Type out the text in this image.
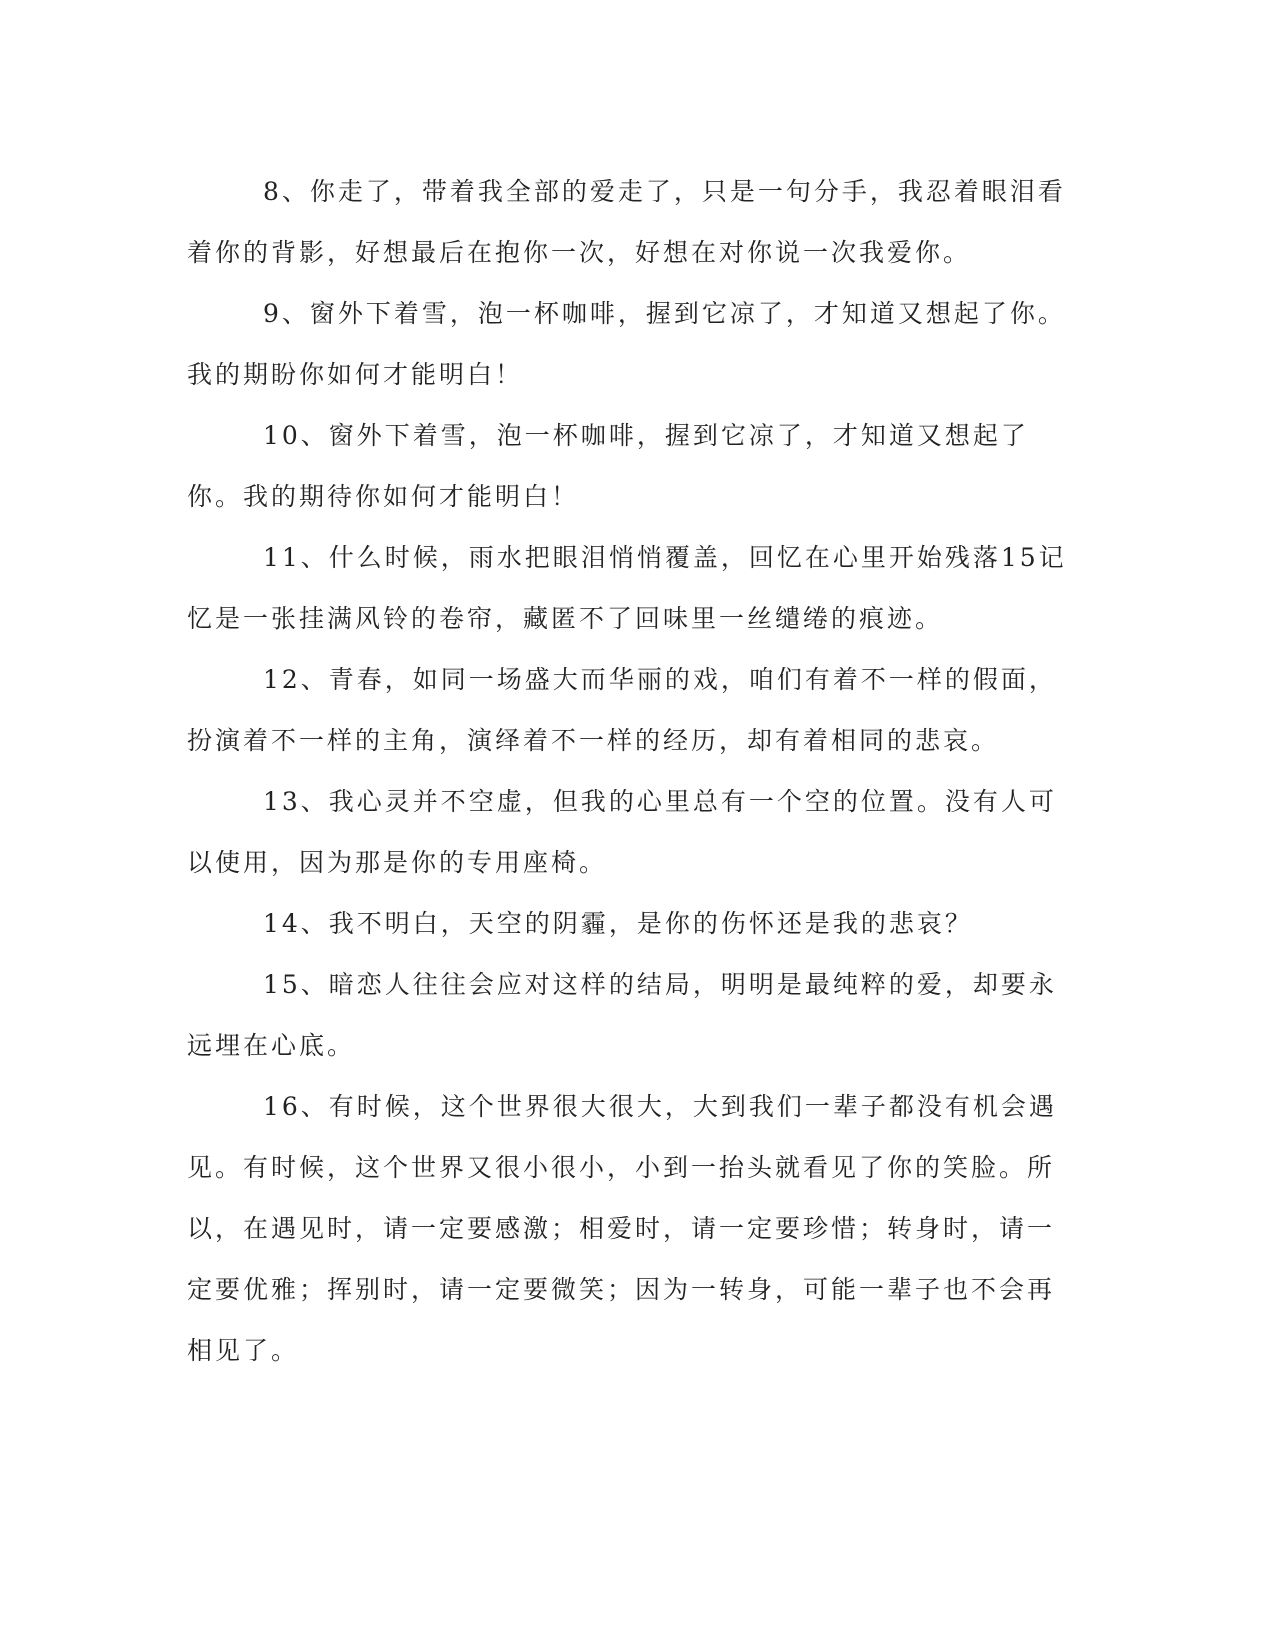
8、你走了，带着我全部的爱走了，只是一句分手，我忍着眼泪看着你的背影，好想最后在抱你一次，好想在对你说一次我爱你。

9、窗外下着雪，泡一杯咖啡，握到它凉了，才知道又想起了你。我的期盼你如何才能明白！

10、窗外下着雪，泡一杯咖啡，握到它凉了，才知道又想起了你。我的期待你如何才能明白！

11、什么时候，雨水把眼泪悄悄覆盖，回忆在心里开始残落15记忆是一张挂满风铃的卷帘，藏匿不了回味里一丝缱绻的痕迹。

12、青春，如同一场盛大而华丽的戏，咱们有着不一样的假面，扮演着不一样的主角，演绎着不一样的经历，却有着相同的悲哀。

13、我心灵并不空虚，但我的心里总有一个空的位置。没有人可以使用，因为那是你的专用座椅。

14、我不明白，天空的阴霾，是你的伤怀还是我的悲哀？

15、暗恋人往往会应对这样的结局，明明是最纯粹的爱，却要永远埋在心底。

16、有时候，这个世界很大很大，大到我们一辈子都没有机会遇见。有时候，这个世界又很小很小，小到一抬头就看见了你的笑脸。所以，在遇见时，请一定要感激；相爱时，请一定要珍惜；转身时，请一定要优雅；挥别时，请一定要微笑；因为一转身，可能一辈子也不会再相见了。
